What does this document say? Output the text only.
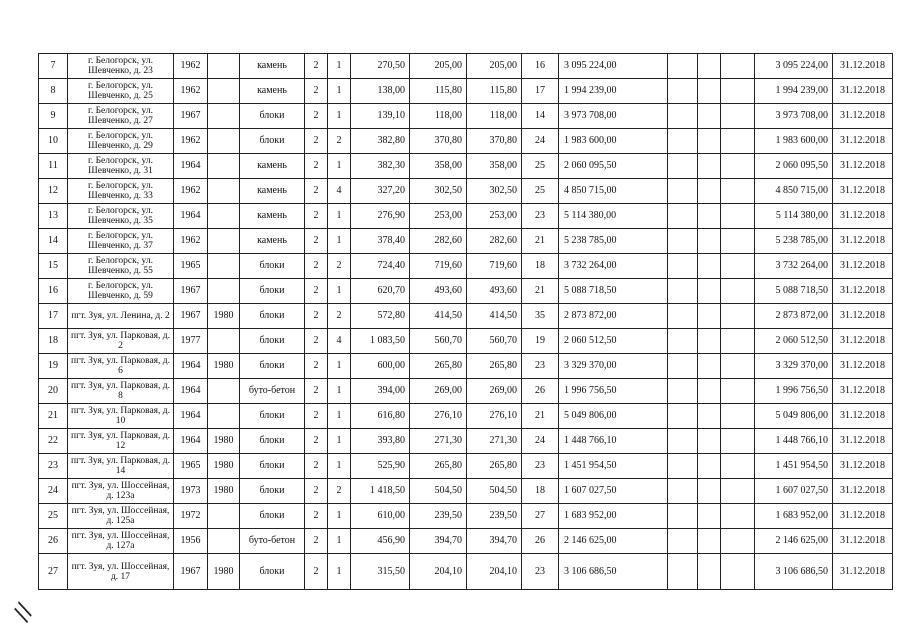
7	г. Белогорск, ул. Шевченко, д. 23	1962		камень	2	1	270,50	205,00	205,00	16	3 095 224,00				3 095 224,00	31.12.2018
8	г. Белогорск, ул. Шевченко, д. 25	1962		камень	2	1	138,00	115,80	115,80	17	1 994 239,00				1 994 239,00	31.12.2018
9	г. Белогорск, ул. Шевченко, д. 27	1967		блоки	2	1	139,10	118,00	118,00	14	3 973 708,00				3 973 708,00	31.12.2018
10	г. Белогорск, ул. Шевченко, д. 29	1962		блоки	2	2	382,80	370,80	370,80	24	1 983 600,00				1 983 600,00	31.12.2018
11	г. Белогорск, ул. Шевченко, д. 31	1964		камень	2	1	382,30	358,00	358,00	25	2 060 095,50				2 060 095,50	31.12.2018
12	г. Белогорск, ул. Шевченко, д. 33	1962		камень	2	4	327,20	302,50	302,50	25	4 850 715,00				4 850 715,00	31.12.2018
13	г. Белогорск, ул. Шевченко, д. 35	1964		камень	2	1	276,90	253,00	253,00	23	5 114 380,00				5 114 380,00	31.12.2018
14	г. Белогорск, ул. Шевченко, д. 37	1962		камень	2	1	378,40	282,60	282,60	21	5 238 785,00				5 238 785,00	31.12.2018
15	г. Белогорск, ул. Шевченко, д. 55	1965		блоки	2	2	724,40	719,60	719,60	18	3 732 264,00				3 732 264,00	31.12.2018
16	г. Белогорск, ул. Шевченко, д. 59	1967		блоки	2	1	620,70	493,60	493,60	21	5 088 718,50				5 088 718,50	31.12.2018
17	пгт. Зуя, ул. Ленина, д. 2	1967	1980	блоки	2	2	572,80	414,50	414,50	35	2 873 872,00				2 873 872,00	31.12.2018
18	пгт. Зуя, ул. Парковая, д. 2	1977		блоки	2	4	1 083,50	560,70	560,70	19	2 060 512,50				2 060 512,50	31.12.2018
19	пгт. Зуя, ул. Парковая, д. 6	1964	1980	блоки	2	1	600,00	265,80	265,80	23	3 329 370,00				3 329 370,00	31.12.2018
20	пгт. Зуя, ул. Парковая, д. 8	1964		буто-бетон	2	1	394,00	269,00	269,00	26	1 996 756,50				1 996 756,50	31.12.2018
21	пгт. Зуя, ул. Парковая, д. 10	1964		блоки	2	1	616,80	276,10	276,10	21	5 049 806,00				5 049 806,00	31.12.2018
22	пгт. Зуя, ул. Парковая, д. 12	1964	1980	блоки	2	1	393,80	271,30	271,30	24	1 448 766,10				1 448 766,10	31.12.2018
23	пгт. Зуя, ул. Парковая, д. 14	1965	1980	блоки	2	1	525,90	265,80	265,80	23	1 451 954,50				1 451 954,50	31.12.2018
24	пгт. Зуя, ул. Шоссейная, д. 123а	1973	1980	блоки	2	2	1 418,50	504,50	504,50	18	1 607 027,50				1 607 027,50	31.12.2018
25	пгт. Зуя, ул. Шоссейная, д. 125а	1972		блоки	2	1	610,00	239,50	239,50	27	1 683 952,00				1 683 952,00	31.12.2018
26	пгт. Зуя, ул. Шоссейная, д. 127а	1956		буто-бетон	2	1	456,90	394,70	394,70	26	2 146 625,00				2 146 625,00	31.12.2018
27	пгт. Зуя, ул. Шоссейная, д. 17	1967	1980	блоки	2	1	315,50	204,10	204,10	23	3 106 686,50				3 106 686,50	31.12.2018
//
